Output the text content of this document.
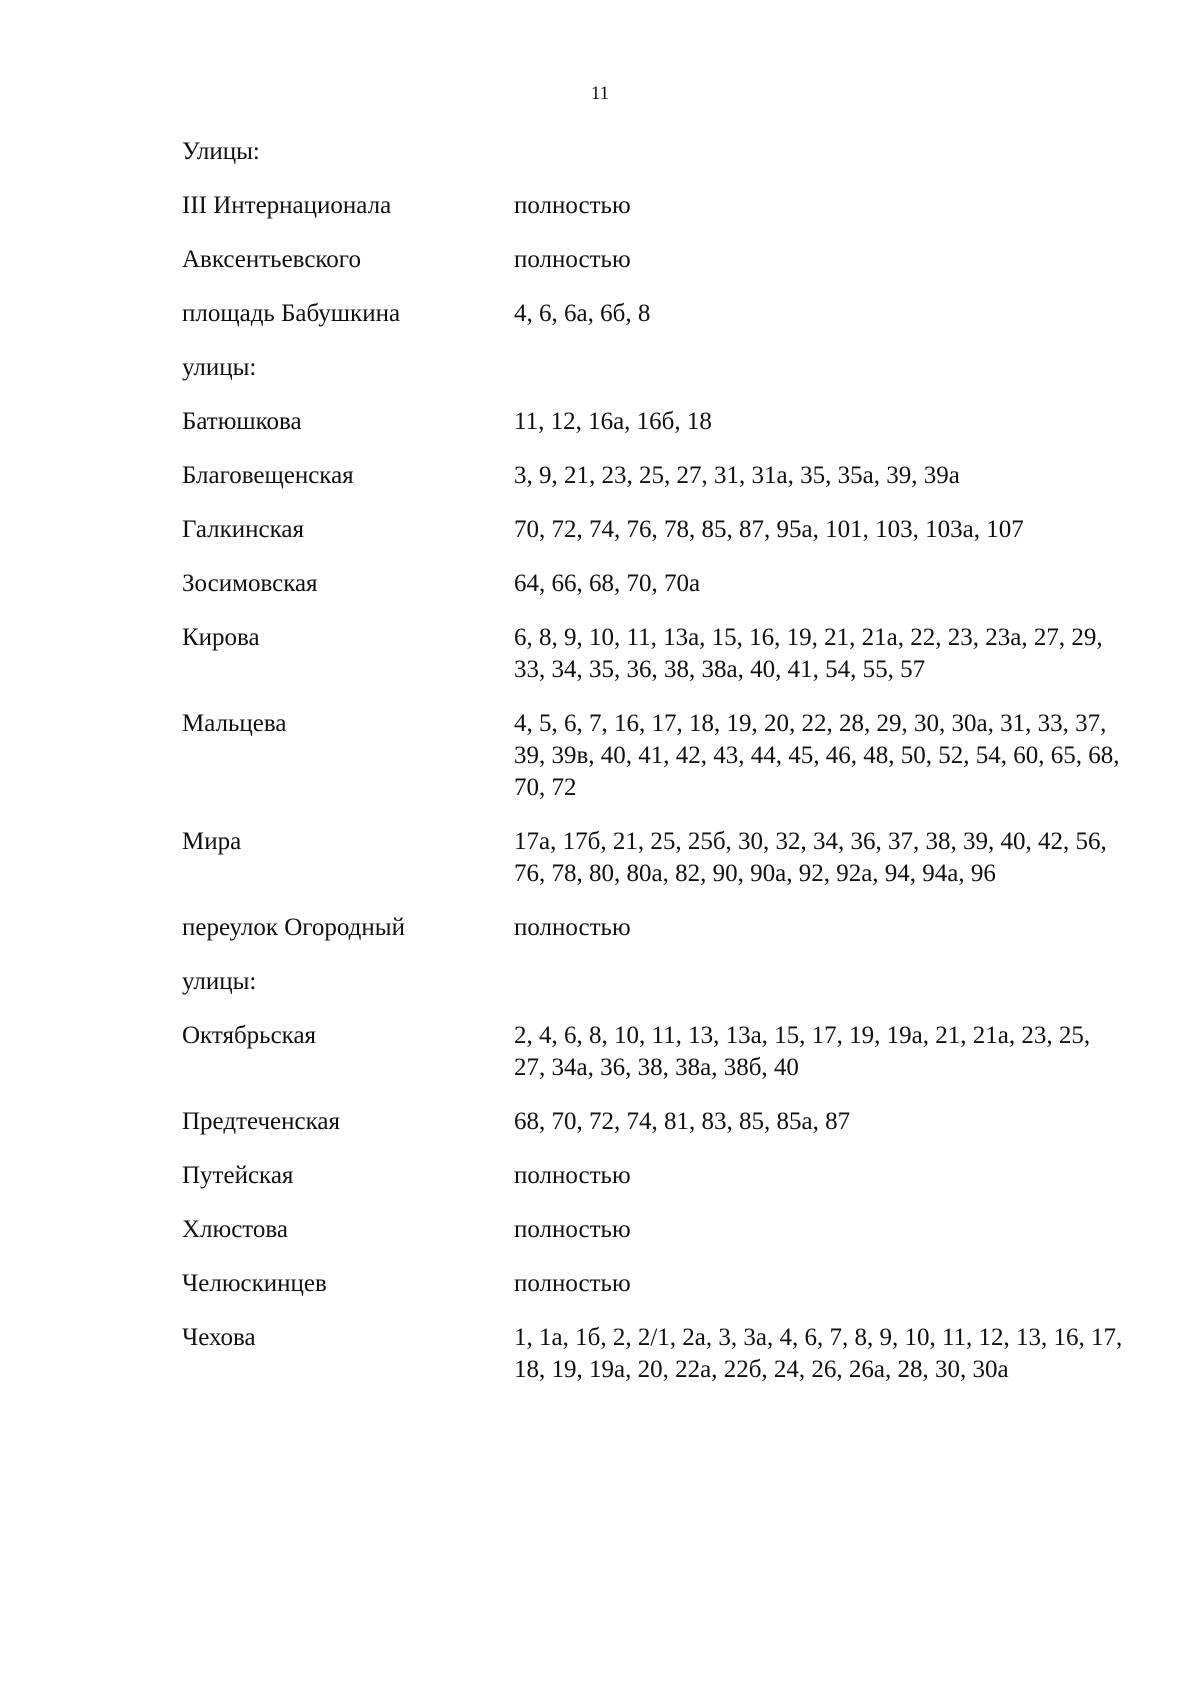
11
Улицы:
III Интернационала	полностью
Авксентьевского	полностью
площадь Бабушкина	4, 6, 6а, 6б, 8
улицы:
Батюшкова	11, 12, 16а, 16б, 18
Благовещенская	3, 9, 21, 23, 25, 27, 31, 31а, 35, 35а, 39, 39а
Галкинская	70, 72, 74, 76, 78, 85, 87, 95а, 101, 103, 103а, 107
Зосимовская	64, 66, 68, 70, 70а
Кирова	6, 8, 9, 10, 11, 13а, 15, 16, 19, 21, 21а, 22, 23, 23а, 27, 29, 33, 34, 35, 36, 38, 38а, 40, 41, 54, 55, 57
Мальцева	4, 5, 6, 7, 16, 17, 18, 19, 20, 22, 28, 29, 30, 30а, 31, 33, 37, 39, 39в, 40, 41, 42, 43, 44, 45, 46, 48, 50, 52, 54, 60, 65, 68, 70, 72
Мира	17а, 17б, 21, 25, 25б, 30, 32, 34, 36, 37, 38, 39, 40, 42, 56, 76, 78, 80, 80а, 82, 90, 90а, 92, 92а, 94, 94а, 96
переулок Огородный	полностью
улицы:
Октябрьская	2, 4, 6, 8, 10, 11, 13, 13а, 15, 17, 19, 19а, 21, 21а, 23, 25, 27, 34а, 36, 38, 38а, 38б, 40
Предтеченская	68, 70, 72, 74, 81, 83, 85, 85а, 87
Путейская	полностью
Хлюстова	полностью
Челюскинцев	полностью
Чехова	1, 1а, 1б, 2, 2/1, 2а, 3, 3а, 4, 6, 7, 8, 9, 10, 11, 12, 13, 16, 17, 18, 19, 19а, 20, 22а, 22б, 24, 26, 26а, 28, 30, 30а
